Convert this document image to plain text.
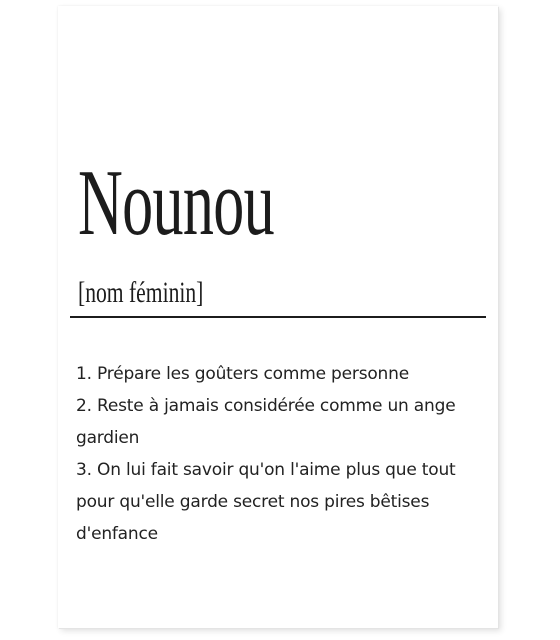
Nounou

[nom féminin]

1. Prépare les goûters comme personne
2. Reste à jamais considérée comme un ange gardien
3. On lui fait savoir qu'on l'aime plus que tout pour qu'elle garde secret nos pires bêtises d'enfance
